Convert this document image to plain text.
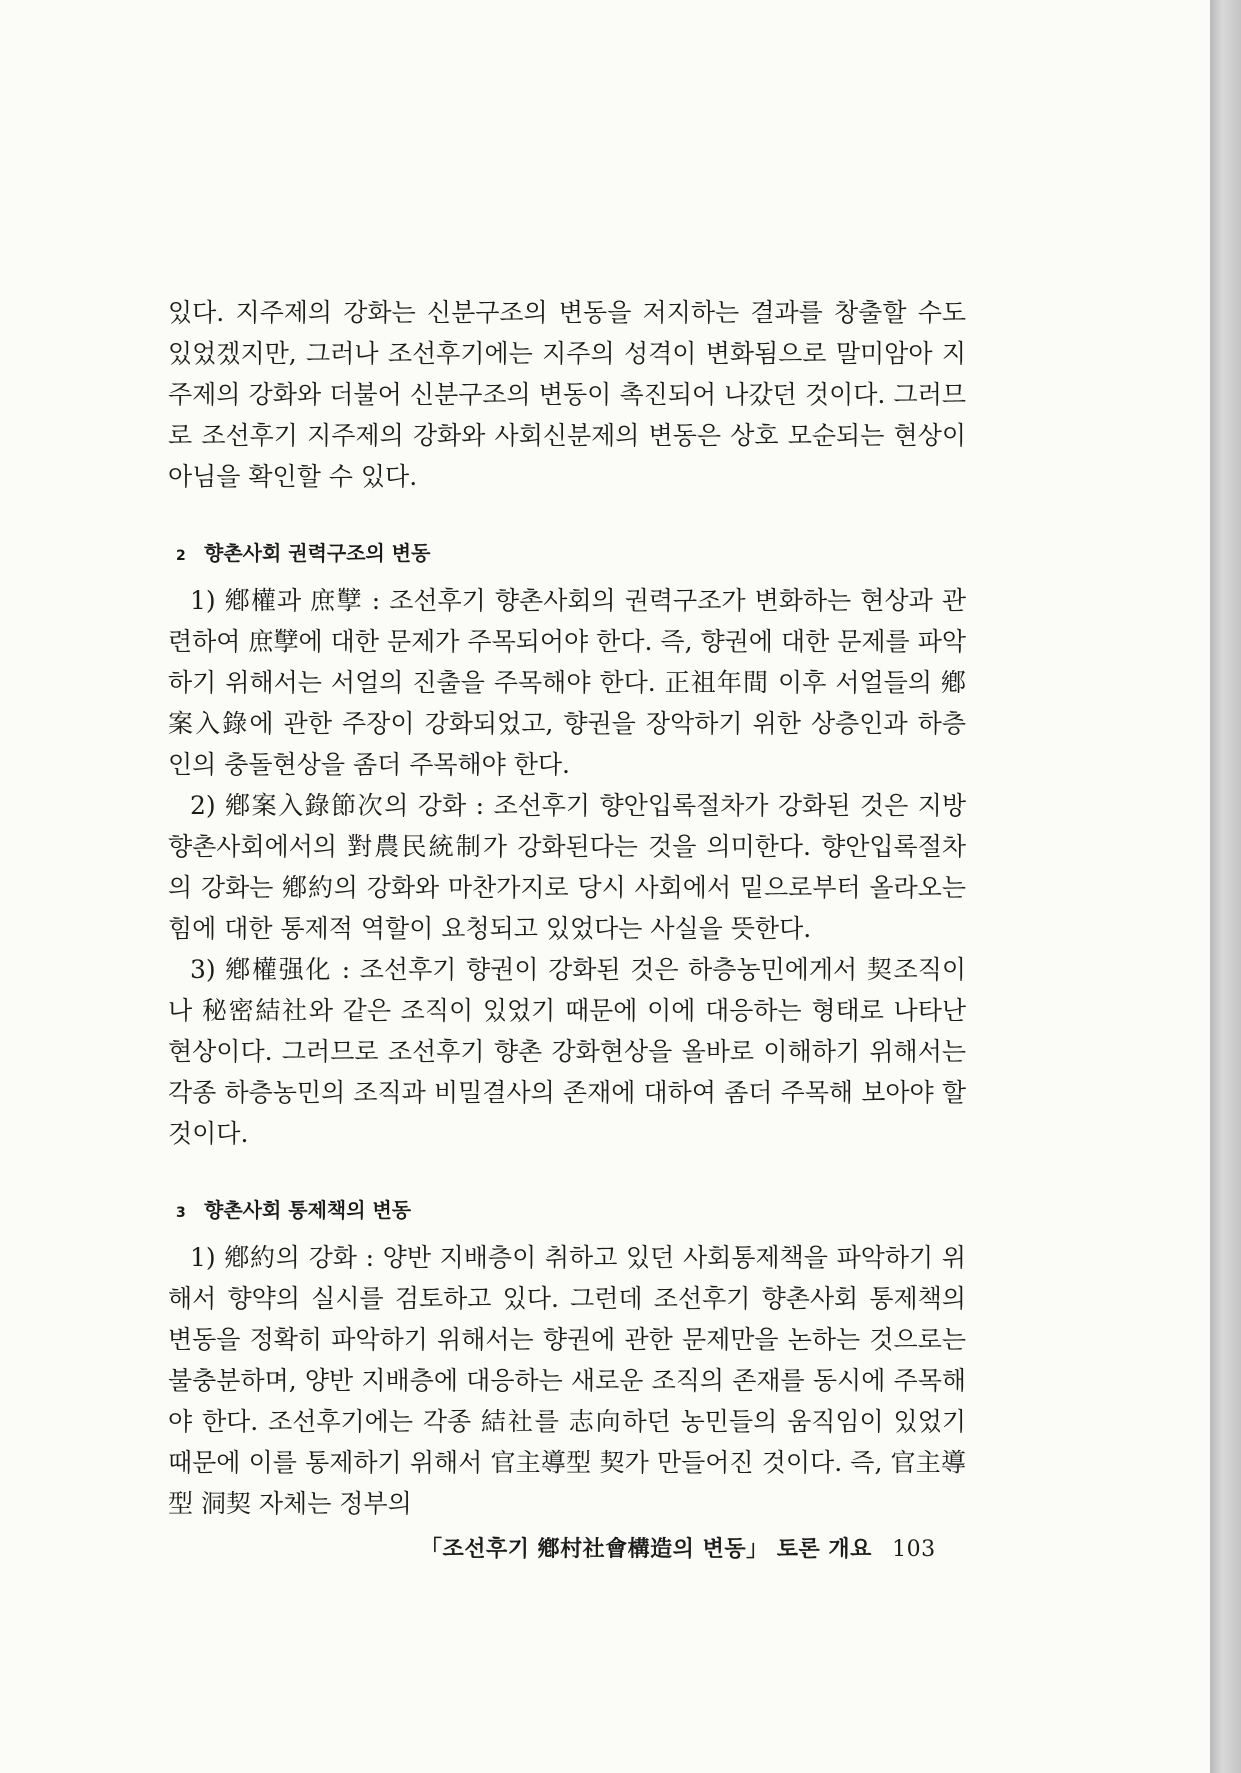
있다. 지주제의 강화는 신분구조의 변동을 저지하는 결과를 창출할 수도 있었겠지만, 그러나 조선후기에는 지주의 성격이 변화됨으로 말미암아 지주제의 강화와 더불어 신분구조의 변동이 촉진되어 나갔던 것이다. 그러므로 조선후기 지주제의 강화와 사회신분제의 변동은 상호 모순되는 현상이 아님을 확인할 수 있다.

2 향촌사회 권력구조의 변동

1) 鄕權과 庶孼 : 조선후기 향촌사회의 권력구조가 변화하는 현상과 관련하여 庶孼에 대한 문제가 주목되어야 한다. 즉, 향권에 대한 문제를 파악하기 위해서는 서얼의 진출을 주목해야 한다. 正祖年間 이후 서얼들의 鄕案入錄에 관한 주장이 강화되었고, 향권을 장악하기 위한 상층인과 하층인의 충돌현상을 좀더 주목해야 한다.

2) 鄕案入錄節次의 강화 : 조선후기 향안입록절차가 강화된 것은 지방 향촌사회에서의 對農民統制가 강화된다는 것을 의미한다. 향안입록절차의 강화는 鄕約의 강화와 마찬가지로 당시 사회에서 밑으로부터 올라오는 힘에 대한 통제적 역할이 요청되고 있었다는 사실을 뜻한다.

3) 鄕權强化 : 조선후기 향권이 강화된 것은 하층농민에게서 契조직이나 秘密結社와 같은 조직이 있었기 때문에 이에 대응하는 형태로 나타난 현상이다. 그러므로 조선후기 향촌 강화현상을 올바로 이해하기 위해서는 각종 하층농민의 조직과 비밀결사의 존재에 대하여 좀더 주목해 보아야 할 것이다.

3 향촌사회 통제책의 변동

1) 鄕約의 강화 : 양반 지배층이 취하고 있던 사회통제책을 파악하기 위해서 향약의 실시를 검토하고 있다. 그런데 조선후기 향촌사회 통제책의 변동을 정확히 파악하기 위해서는 향권에 관한 문제만을 논하는 것으로는 불충분하며, 양반 지배층에 대응하는 새로운 조직의 존재를 동시에 주목해야 한다. 조선후기에는 각종 結社를 志向하던 농민들의 움직임이 있었기 때문에 이를 통제하기 위해서 官主導型 契가 만들어진 것이다. 즉, 官主導型 洞契 자체는 정부의

「조선후기 鄕村社會構造의 변동」 토론 개요 103
